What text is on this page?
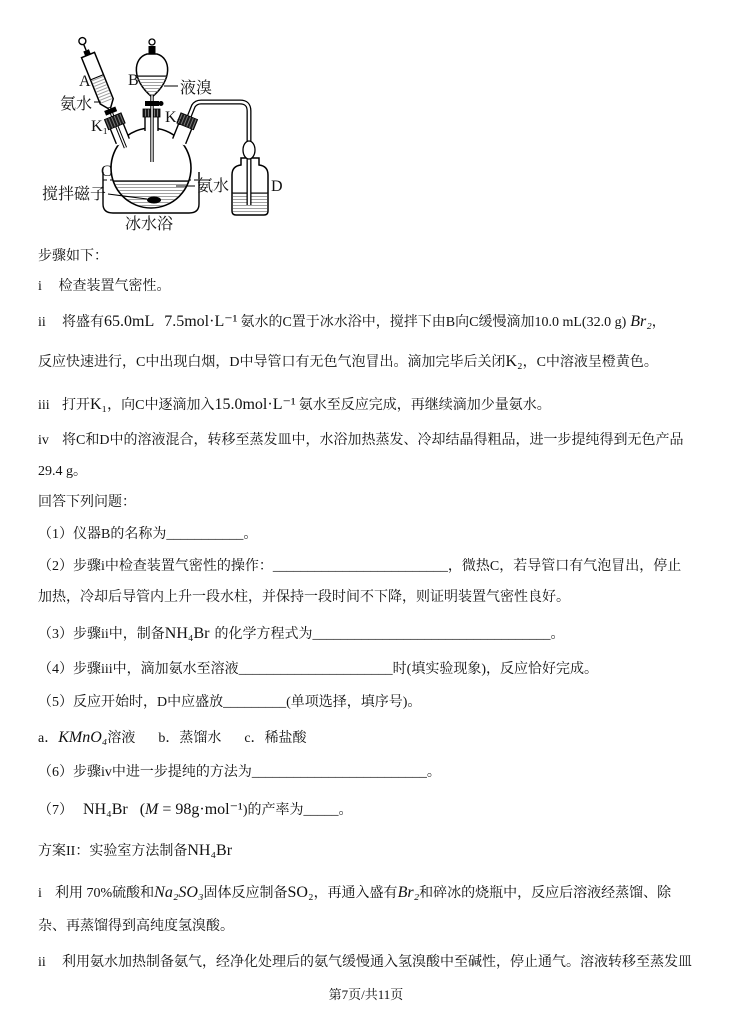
A
氨水
K₁
B	液溴
K₂
C
搅拌磁子	氨水	D
冰水浴
步骤如下：
i 检查装置气密性。
ii 将盛有65.0mL 7.5mol·L⁻¹ 氨水的C置于冰水浴中，搅拌下由B向C缓慢滴加10.0 mL(32.0 g) Br₂，
反应快速进行，C中出现白烟，D中导管口有无色气泡冒出。滴加完毕后关闭K₂，C中溶液呈橙黄色。
iii 打开K₁，向C中逐滴加入15.0mol·L⁻¹ 氨水至反应完成，再继续滴加少量氨水。
iv 将C和D中的溶液混合，转移至蒸发皿中，水浴加热蒸发、冷却结晶得粗品，进一步提纯得到无色产品
29.4 g。
回答下列问题：
（1）仪器B的名称为___________。
（2）步骤i中检查装置气密性的操作：_________________________，微热C，若导管口有气泡冒出，停止
加热，冷却后导管内上升一段水柱，并保持一段时间不下降，则证明装置气密性良好。
（3）步骤ii中，制备NH₄Br 的化学方程式为__________________________________。
（4）步骤iii中，滴加氨水至溶液______________________时(填实验现象)，反应恰好完成。
（5）反应开始时，D中应盛放_________(单项选择，填序号)。
a．KMnO₄溶液 b．蒸馏水 c．稀盐酸
（6）步骤iv中进一步提纯的方法为_________________________。
（7） NH₄Br (M = 98g·mol⁻¹)的产率为_____。
方案II：实验室方法制备NH₄Br
i 利用 70%硫酸和Na₂SO₃固体反应制备SO₂，再通入盛有Br₂和碎冰的烧瓶中，反应后溶液经蒸馏、除
杂、再蒸馏得到高纯度氢溴酸。
ii 利用氨水加热制备氨气，经净化处理后的氨气缓慢通入氢溴酸中至碱性，停止通气。溶液转移至蒸发皿
第7页/共11页
